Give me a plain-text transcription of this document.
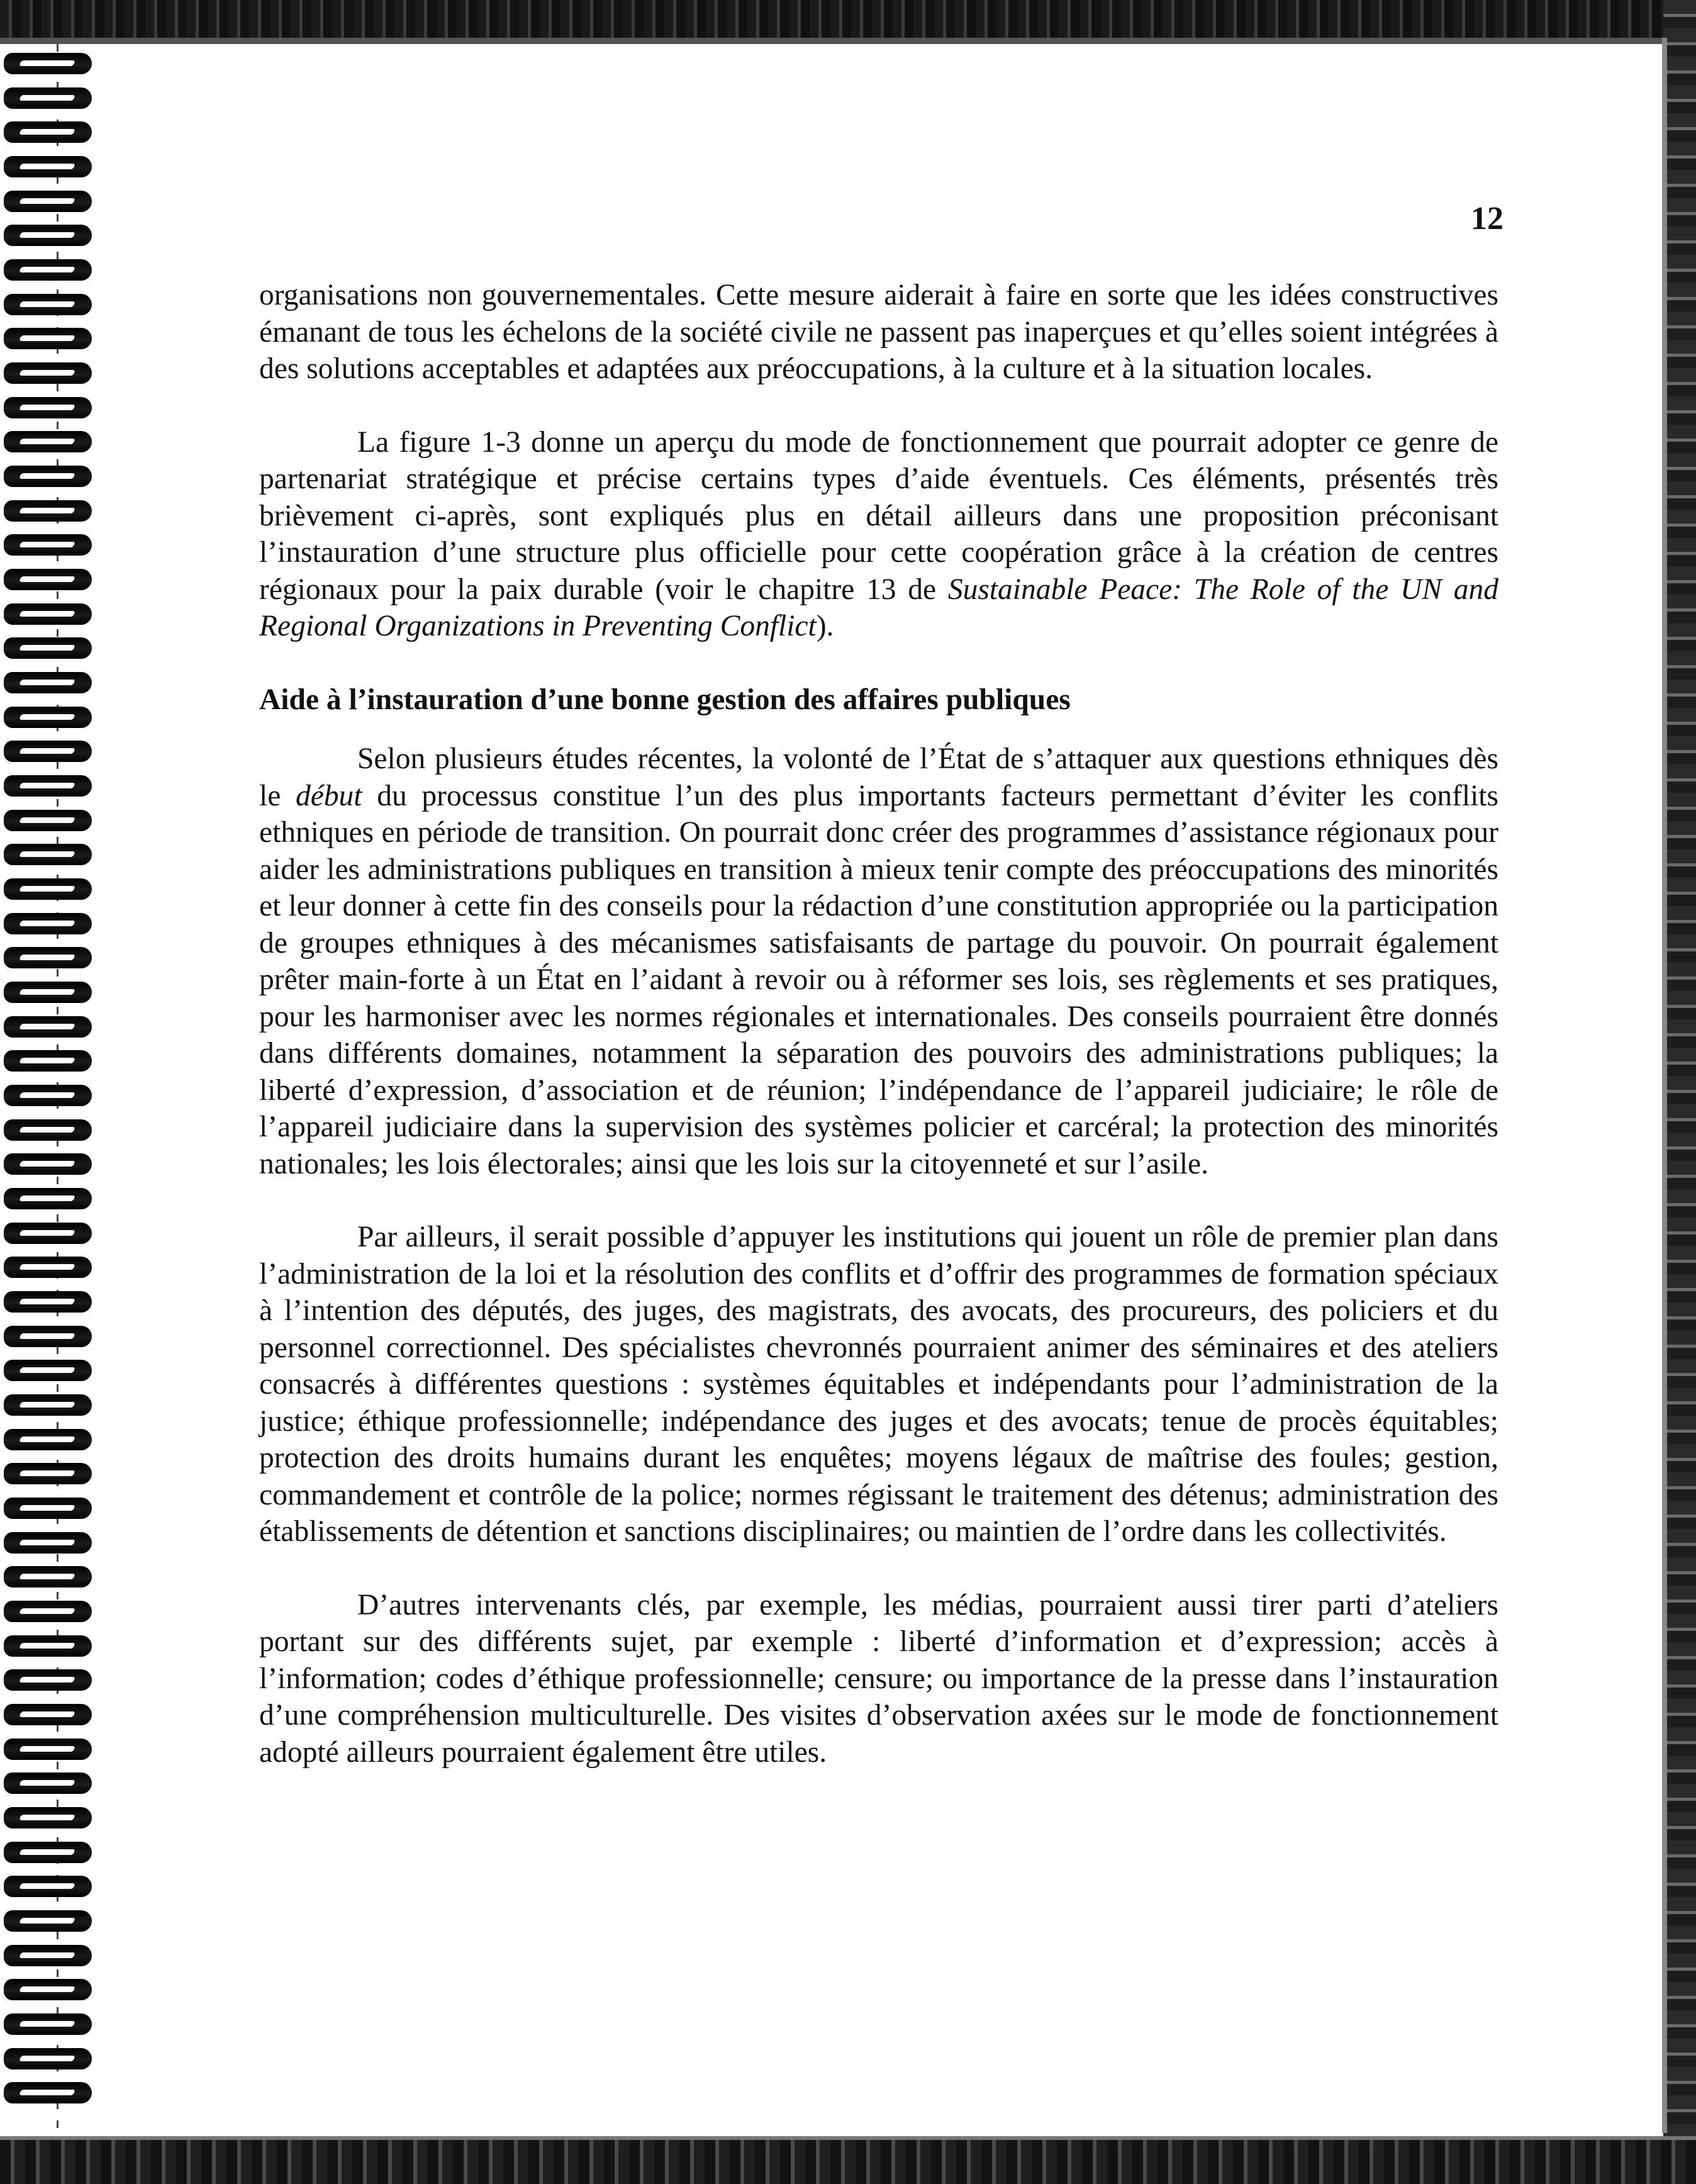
12

organisations non gouvernementales. Cette mesure aiderait à faire en sorte que les idées constructives émanant de tous les échelons de la société civile ne passent pas inaperçues et qu’elles soient intégrées à des solutions acceptables et adaptées aux préoccupations, à la culture et à la situation locales.

La figure 1-3 donne un aperçu du mode de fonctionnement que pourrait adopter ce genre de partenariat stratégique et précise certains types d’aide éventuels. Ces éléments, présentés très brièvement ci-après, sont expliqués plus en détail ailleurs dans une proposition préconisant l’instauration d’une structure plus officielle pour cette coopération grâce à la création de centres régionaux pour la paix durable (voir le chapitre 13 de Sustainable Peace: The Role of the UN and Regional Organizations in Preventing Conflict).

Aide à l’instauration d’une bonne gestion des affaires publiques

Selon plusieurs études récentes, la volonté de l’État de s’attaquer aux questions ethniques dès le début du processus constitue l’un des plus importants facteurs permettant d’éviter les conflits ethniques en période de transition. On pourrait donc créer des programmes d’assistance régionaux pour aider les administrations publiques en transition à mieux tenir compte des préoccupations des minorités et leur donner à cette fin des conseils pour la rédaction d’une constitution appropriée ou la participation de groupes ethniques à des mécanismes satisfaisants de partage du pouvoir. On pourrait également prêter main-forte à un État en l’aidant à revoir ou à réformer ses lois, ses règlements et ses pratiques, pour les harmoniser avec les normes régionales et internationales. Des conseils pourraient être donnés dans différents domaines, notamment la séparation des pouvoirs des administrations publiques; la liberté d’expression, d’association et de réunion; l’indépendance de l’appareil judiciaire; le rôle de l’appareil judiciaire dans la supervision des systèmes policier et carcéral; la protection des minorités nationales; les lois électorales; ainsi que les lois sur la citoyenneté et sur l’asile.

Par ailleurs, il serait possible d’appuyer les institutions qui jouent un rôle de premier plan dans l’administration de la loi et la résolution des conflits et d’offrir des programmes de formation spéciaux à l’intention des députés, des juges, des magistrats, des avocats, des procureurs, des policiers et du personnel correctionnel. Des spécialistes chevronnés pourraient animer des séminaires et des ateliers consacrés à différentes questions : systèmes équitables et indépendants pour l’administration de la justice; éthique professionnelle; indépendance des juges et des avocats; tenue de procès équitables; protection des droits humains durant les enquêtes; moyens légaux de maîtrise des foules; gestion, commandement et contrôle de la police; normes régissant le traitement des détenus; administration des établissements de détention et sanctions disciplinaires; ou maintien de l’ordre dans les collectivités.

D’autres intervenants clés, par exemple, les médias, pourraient aussi tirer parti d’ateliers portant sur des différents sujet, par exemple : liberté d’information et d’expression; accès à l’information; codes d’éthique professionnelle; censure; ou importance de la presse dans l’instauration d’une compréhension multiculturelle. Des visites d’observation axées sur le mode de fonctionnement adopté ailleurs pourraient également être utiles.
